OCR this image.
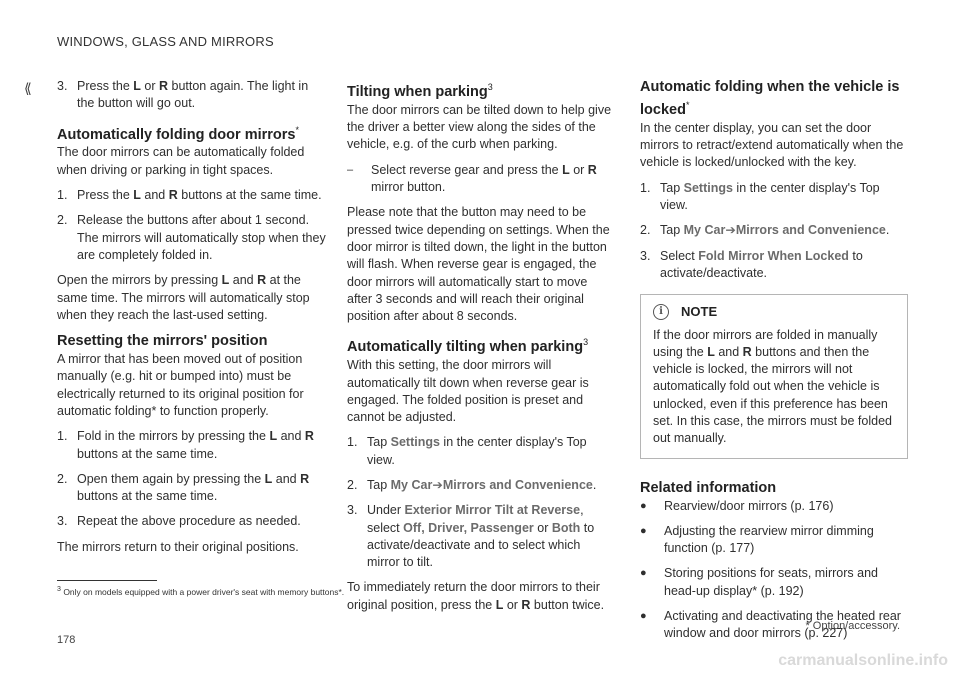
WINDOWS, GLASS AND MIRRORS
⟪ 3. Press the L or R button again. The light in the button will go out.
Automatically folding door mirrors*

The door mirrors can be automatically folded when driving or parking in tight spaces.

1. Press the L and R buttons at the same time.
2. Release the buttons after about 1 second. The mirrors will automatically stop when they are completely folded in.

Open the mirrors by pressing L and R at the same time. The mirrors will automatically stop when they reach the last-used setting.

Resetting the mirrors' position

A mirror that has been moved out of position manually (e.g. hit or bumped into) must be electrically returned to its original position for automatic folding* to function properly.

1. Fold in the mirrors by pressing the L and R buttons at the same time.
2. Open them again by pressing the L and R buttons at the same time.
3. Repeat the above procedure as needed.

The mirrors return to their original positions.

Tilting when parking$^3$

The door mirrors can be tilted down to help give the driver a better view along the sides of the vehicle, e.g. of the curb when parking.

–	Select reverse gear and press the L or R mirror button.

Please note that the button may need to be pressed twice depending on settings. When the door mirror is tilted down, the light in the button will flash. When reverse gear is engaged, the door mirrors will automatically start to move after 3 seconds and will reach their original position after about 8 seconds.

Automatically tilting when parking$^3$

With this setting, the door mirrors will automatically tilt down when reverse gear is engaged. The folded position is preset and cannot be adjusted.

1. Tap Settings in the center display's Top view.
2. Tap My Car➔Mirrors and Convenience.
3. Under Exterior Mirror Tilt at Reverse, select Off, Driver, Passenger or Both to activate/deactivate and to select which mirror to tilt.

To immediately return the door mirrors to their original position, press the L or R button twice.

Automatic folding when the vehicle is locked*

In the center display, you can set the door mirrors to retract/extend automatically when the vehicle is locked/unlocked with the key.

1. Tap Settings in the center display's Top view.
2. Tap My Car➔Mirrors and Convenience.
3. Select Fold Mirror When Locked to activate/deactivate.
i	NOTE
If the door mirrors are folded in manually using the L and R buttons and then the vehicle is locked, the mirrors will not automatically fold out when the vehicle is unlocked, even if this preference has been set. In this case, the mirrors must be folded out manually.
Related information
●	Rearview/door mirrors (p. 176)
●	Adjusting the rearview mirror dimming function (p. 177)
●	Storing positions for seats, mirrors and head-up display* (p. 192)
●	Activating and deactivating the heated rear window and door mirrors (p. 227)
$^3$ Only on models equipped with a power driver's seat with memory buttons*.
* Option/accessory.
178
carmanualsonline.info
